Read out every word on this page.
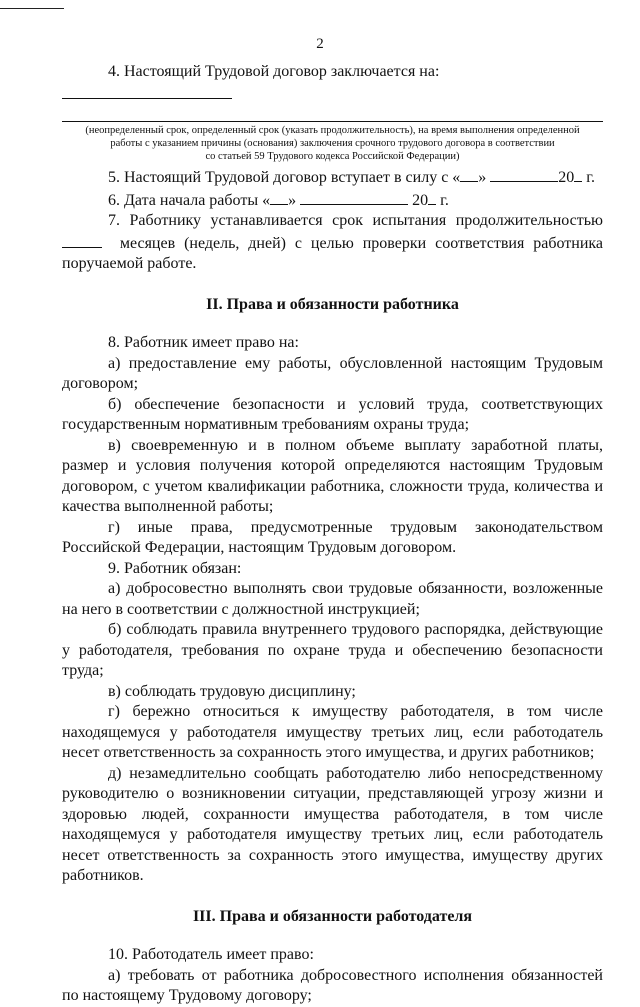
2

4. Настоящий Трудовой договор заключается на:

(неопределенный срок, определенный срок (указать продолжительность), на время выполнения определенной

работы с указанием причины (основания) заключения срочного трудового договора в соответствии

со статьей 59 Трудового кодекса Российской Федерации)

5. Настоящий Трудовой договор вступает в силу с « »	20 г.

6. Дата начала работы « »	20 г.

7. Работнику устанавливается срок испытания продолжительностью

месяцев (недель, дней) с целью проверки соответствия работника

поручаемой работе.

II. Права и обязанности работника

8. Работник имеет право на:

а) предоставление ему работы, обусловленной настоящим Трудовым договором;

б) обеспечение безопасности и условий труда, соответствующих государственным нормативным требованиям охраны труда;

в) своевременную и в полном объеме выплату заработной платы, размер и условия получения которой определяются настоящим Трудовым договором, с учетом квалификации работника, сложности труда, количества и качества выполненной работы;

г) иные права, предусмотренные трудовым законодательством Российской Федерации, настоящим Трудовым договором.

9. Работник обязан:

а) добросовестно выполнять свои трудовые обязанности, возложенные на него в соответствии с должностной инструкцией;

б) соблюдать правила внутреннего трудового распорядка, действующие у работодателя, требования по охране труда и обеспечению безопасности труда;

в) соблюдать трудовую дисциплину;

г) бережно относиться к имуществу работодателя, в том числе находящемуся у работодателя имуществу третьих лиц, если работодатель несет ответственность за сохранность этого имущества, и других работников;

д) незамедлительно сообщать работодателю либо непосредственному руководителю о возникновении ситуации, представляющей угрозу жизни и здоровью людей, сохранности имущества работодателя, в том числе находящемуся у работодателя имуществу третьих лиц, если работодатель несет ответственность за сохранность этого имущества, имуществу других работников.

III. Права и обязанности работодателя

10. Работодатель имеет право:

а) требовать от работника добросовестного исполнения обязанностей по настоящему Трудовому договору;
